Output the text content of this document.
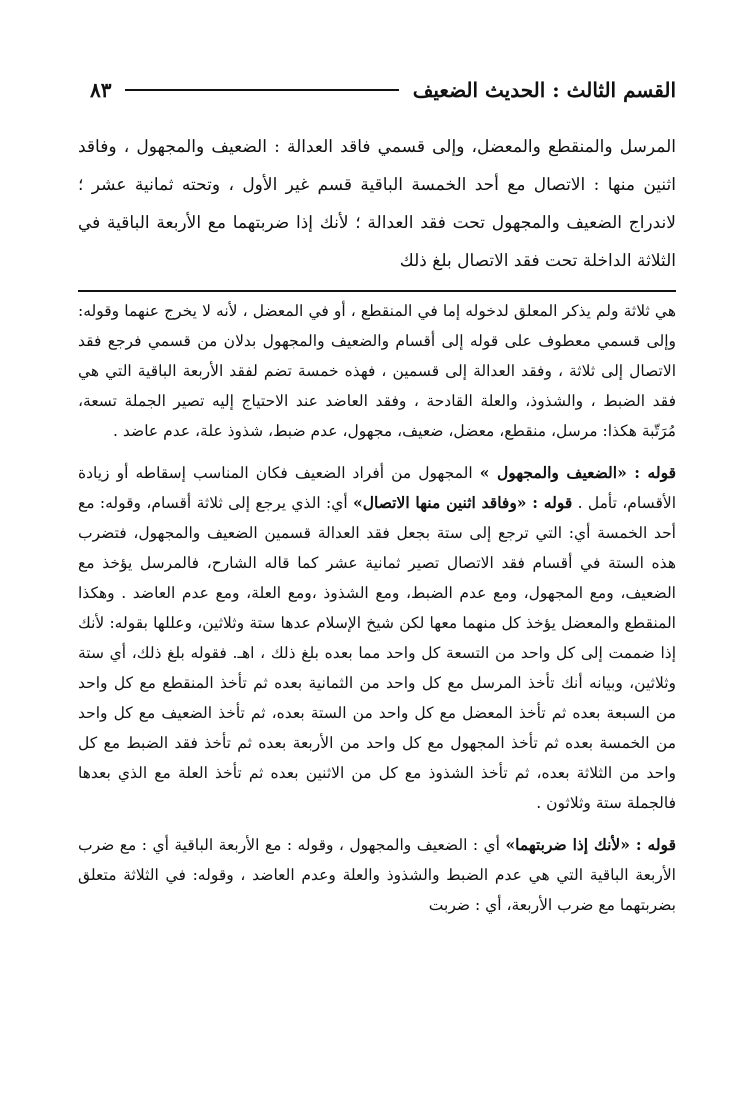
القسم الثالث : الحديث الضعيف
٨٣

المرسل والمنقطع والمعضل، وإلى قسمي فاقد العدالة : الضعيف والمجهول ، وفاقد اثنين منها : الاتصال مع أحد الخمسة الباقية قسم غير الأول ، وتحته ثمانية عشر ؛ لاندراج الضعيف والمجهول تحت فقد العدالة ؛ لأنك إذا ضربتهما مع الأربعة الباقية في الثلاثة الداخلة تحت فقد الاتصال بلغ ذلك

هي ثلاثة ولم يذكر المعلق لدخوله إما في المنقطع ، أو في المعضل ، لأنه لا يخرج عنهما وقوله: وإلى قسمي معطوف على قوله إلى أقسام والضعيف والمجهول بدلان من قسمي فرجع فقد الاتصال إلى ثلاثة ، وفقد العدالة إلى قسمين ، فهذه خمسة تضم لفقد الأربعة الباقية التي هي فقد الضبط ، والشذوذ، والعلة القادحة ، وفقد العاضد عند الاحتياج إليه تصير الجملة تسعة، مُرَتّبة هكذا: مرسل، منقطع، معضل، ضعيف، مجهول، عدم ضبط، شذوذ علة، عدم عاضد .

قوله : «الضعيف والمجهول » المجهول من أفراد الضعيف فكان المناسب إسقاطه أو زيادة الأقسام، تأمل . قوله : «وفاقد اثنين منها الاتصال» أي: الذي يرجع إلى ثلاثة أقسام، وقوله: مع أحد الخمسة أي: التي ترجع إلى ستة بجعل فقد العدالة قسمين الضعيف والمجهول، فتضرب هذه الستة في أقسام فقد الاتصال تصير ثمانية عشر كما قاله الشارح، فالمرسل يؤخذ مع الضعيف، ومع المجهول، ومع عدم الضبط، ومع الشذوذ ،ومع العلة، ومع عدم العاضد . وهكذا المنقطع والمعضل يؤخذ كل منهما معها لكن شيخ الإسلام عدها ستة وثلاثين، وعللها بقوله: لأنك إذا ضممت إلى كل واحد من التسعة كل واحد مما بعده بلغ ذلك ، اهـ. فقوله بلغ ذلك، أي ستة وثلاثين، وبيانه أنك تأخذ المرسل مع كل واحد من الثمانية بعده ثم تأخذ المنقطع مع كل واحد من السبعة بعده ثم تأخذ المعضل مع كل واحد من الستة بعده، ثم تأخذ الضعيف مع كل واحد من الخمسة بعده ثم تأخذ المجهول مع كل واحد من الأربعة بعده ثم تأخذ فقد الضبط مع كل واحد من الثلاثة بعده، ثم تأخذ الشذوذ مع كل من الاثنين بعده ثم تأخذ العلة مع الذي بعدها فالجملة ستة وثلاثون .

قوله : «لأنك إذا ضربتهما» أي : الضعيف والمجهول ، وقوله : مع الأربعة الباقية أي : مع ضرب الأربعة الباقية التي هي عدم الضبط والشذوذ والعلة وعدم العاضد ، وقوله: في الثلاثة متعلق بضربتهما مع ضرب الأربعة، أي : ضربت
